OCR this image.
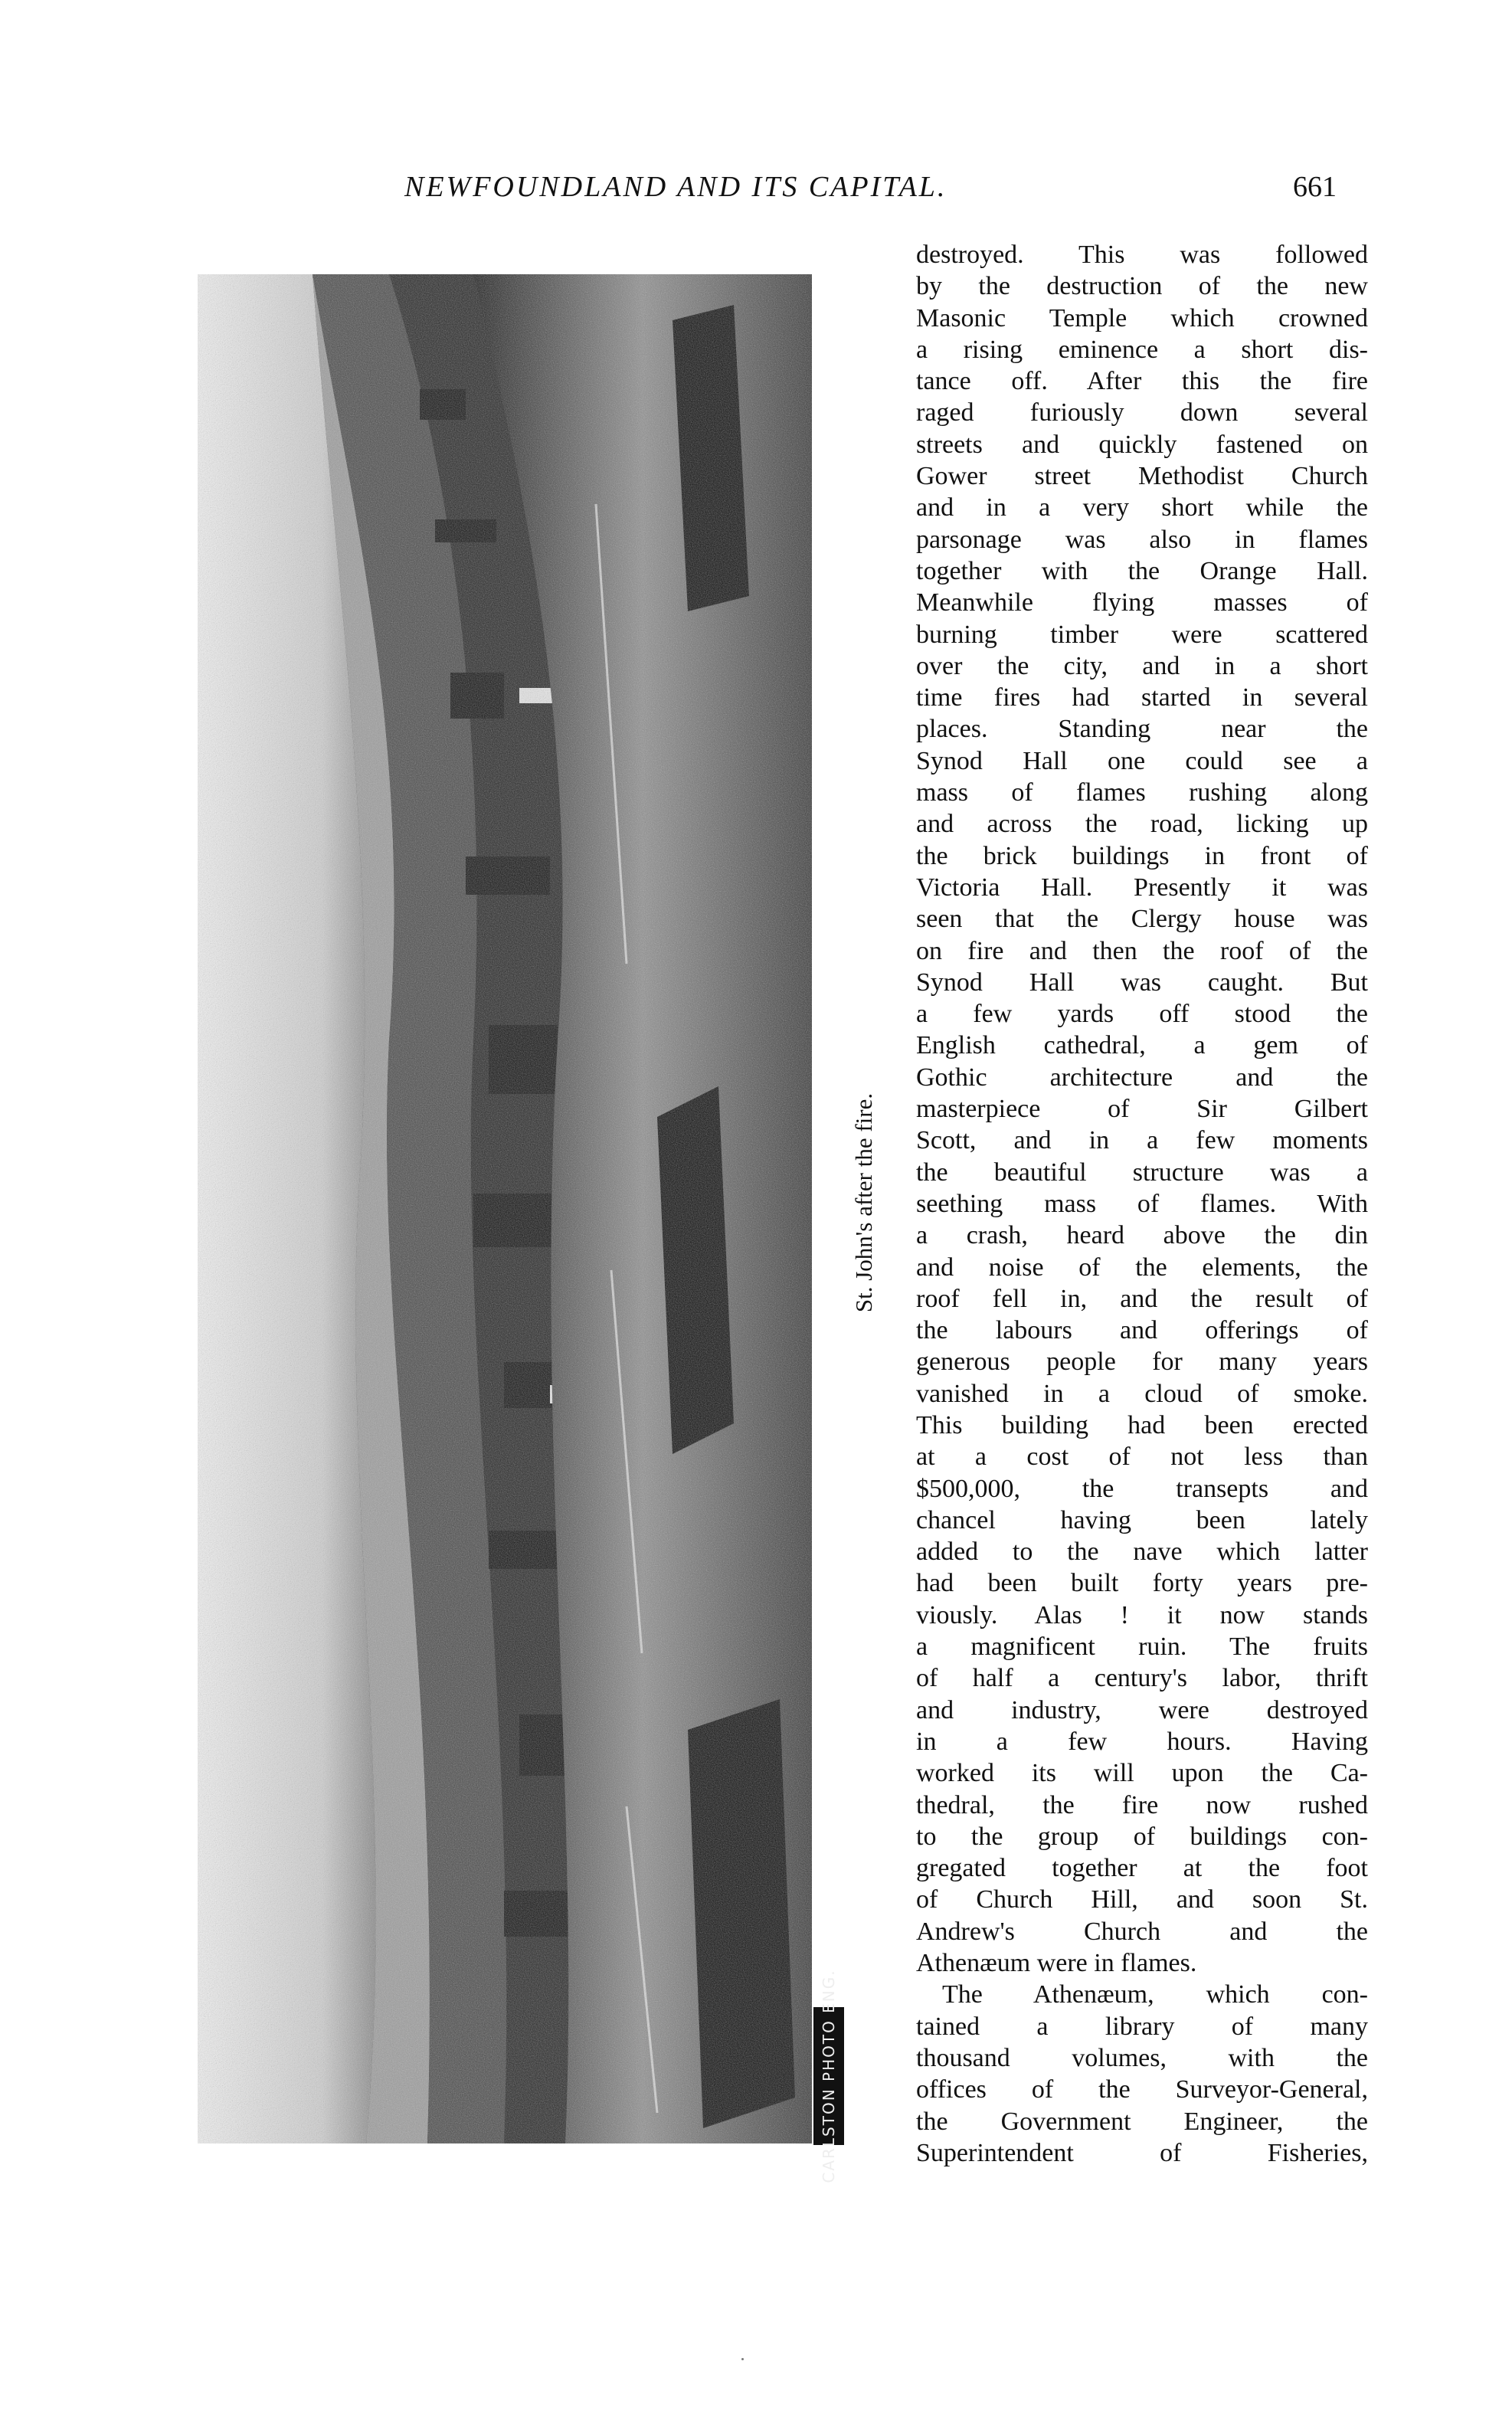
NEWFOUNDLAND AND ITS CAPITAL.	661
CARLSTON PHOTO ENG.
St. John's after the fire.
destroyed. This was followed
by the destruction of the new
Masonic Temple which crowned
a rising eminence a short dis-
tance off. After this the fire
raged furiously down several
streets and quickly fastened on
Gower street Methodist Church
and in a very short while the
parsonage was also in flames
together with the Orange Hall.
Meanwhile flying masses of
burning timber were scattered
over the city, and in a short
time fires had started in several
places. Standing near the
Synod Hall one could see a
mass of flames rushing along
and across the road, licking up
the brick buildings in front of
Victoria Hall. Presently it was
seen that the Clergy house was
on fire and then the roof of the
Synod Hall was caught. But
a few yards off stood the
English cathedral, a gem of
Gothic architecture and the
masterpiece of Sir Gilbert
Scott, and in a few moments
the beautiful structure was a
seething mass of flames. With
a crash, heard above the din
and noise of the elements, the
roof fell in, and the result of
the labours and offerings of
generous people for many years
vanished in a cloud of smoke.
This building had been erected
at a cost of not less than
$500,000, the transepts and
chancel having been lately
added to the nave which latter
had been built forty years pre-
viously. Alas ! it now stands
a magnificent ruin. The fruits
of half a century's labor, thrift
and industry, were destroyed
in a few hours. Having
worked its will upon the Ca-
thedral, the fire now rushed
to the group of buildings con-
gregated together at the foot
of Church Hill, and soon St.
Andrew's Church and the
Athenæum were in flames.
The Athenæum, which con-
tained a library of many
thousand volumes, with the
offices of the Surveyor-General,
the Government Engineer, the
Superintendent of Fisheries,
